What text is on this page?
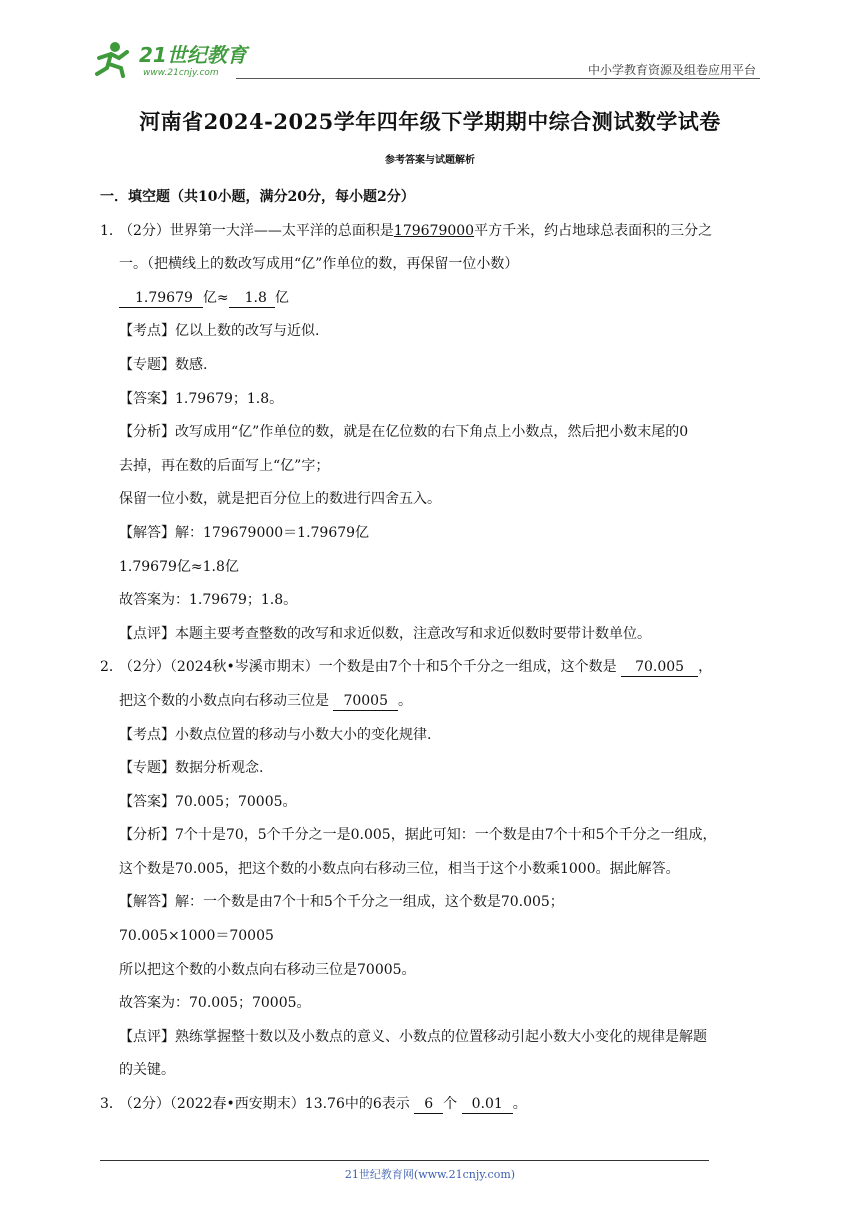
21世纪教育
www.21cnjy.com	中小学教育资源及组卷应用平台
河南省2024-2025学年四年级下学期期中综合测试数学试卷
参考答案与试题解析
一．填空题（共10小题，满分20分，每小题2分）
1．
（2分）世界第一大洋——太平洋的总面积是179679000平方千米，约占地球总表面积的三分之
一。（把横线上的数改写成用“亿”作单位的数，再保留一位小数）
1.79679 亿≈ 1.8 亿
【考点】亿以上数的改写与近似.
【专题】数感.
【答案】1.79679；1.8。
【分析】改写成用“亿”作单位的数，就是在亿位数的右下角点上小数点，然后把小数末尾的0
去掉，再在数的后面写上“亿”字；
保留一位小数，就是把百分位上的数进行四舍五入。
【解答】解：179679000＝1.79679亿
1.79679亿≈1.8亿
故答案为：1.79679；1.8。
【点评】本题主要考查整数的改写和求近似数，注意改写和求近似数时要带计数单位。
2．
（2分）（2024秋•岑溪市期末）一个数是由7个十和5个千分之一组成，这个数是 70.005 ，
把这个数的小数点向右移动三位是 70005 。
【考点】小数点位置的移动与小数大小的变化规律.
【专题】数据分析观念.
【答案】70.005；70005。
【分析】7个十是70，5个千分之一是0.005，据此可知：一个数是由7个十和5个千分之一组成，
这个数是70.005，把这个数的小数点向右移动三位，相当于这个小数乘1000。据此解答。
【解答】解：一个数是由7个十和5个千分之一组成，这个数是70.005；
70.005×1000＝70005
所以把这个数的小数点向右移动三位是70005。
故答案为：70.005；70005。
【点评】熟练掌握整十数以及小数点的意义、小数点的位置移动引起小数大小变化的规律是解题
的关键。
3．
（2分）（2022春•西安期末）13.76中的6表示 6 个 0.01 。
21世纪教育网(www.21cnjy.com)
